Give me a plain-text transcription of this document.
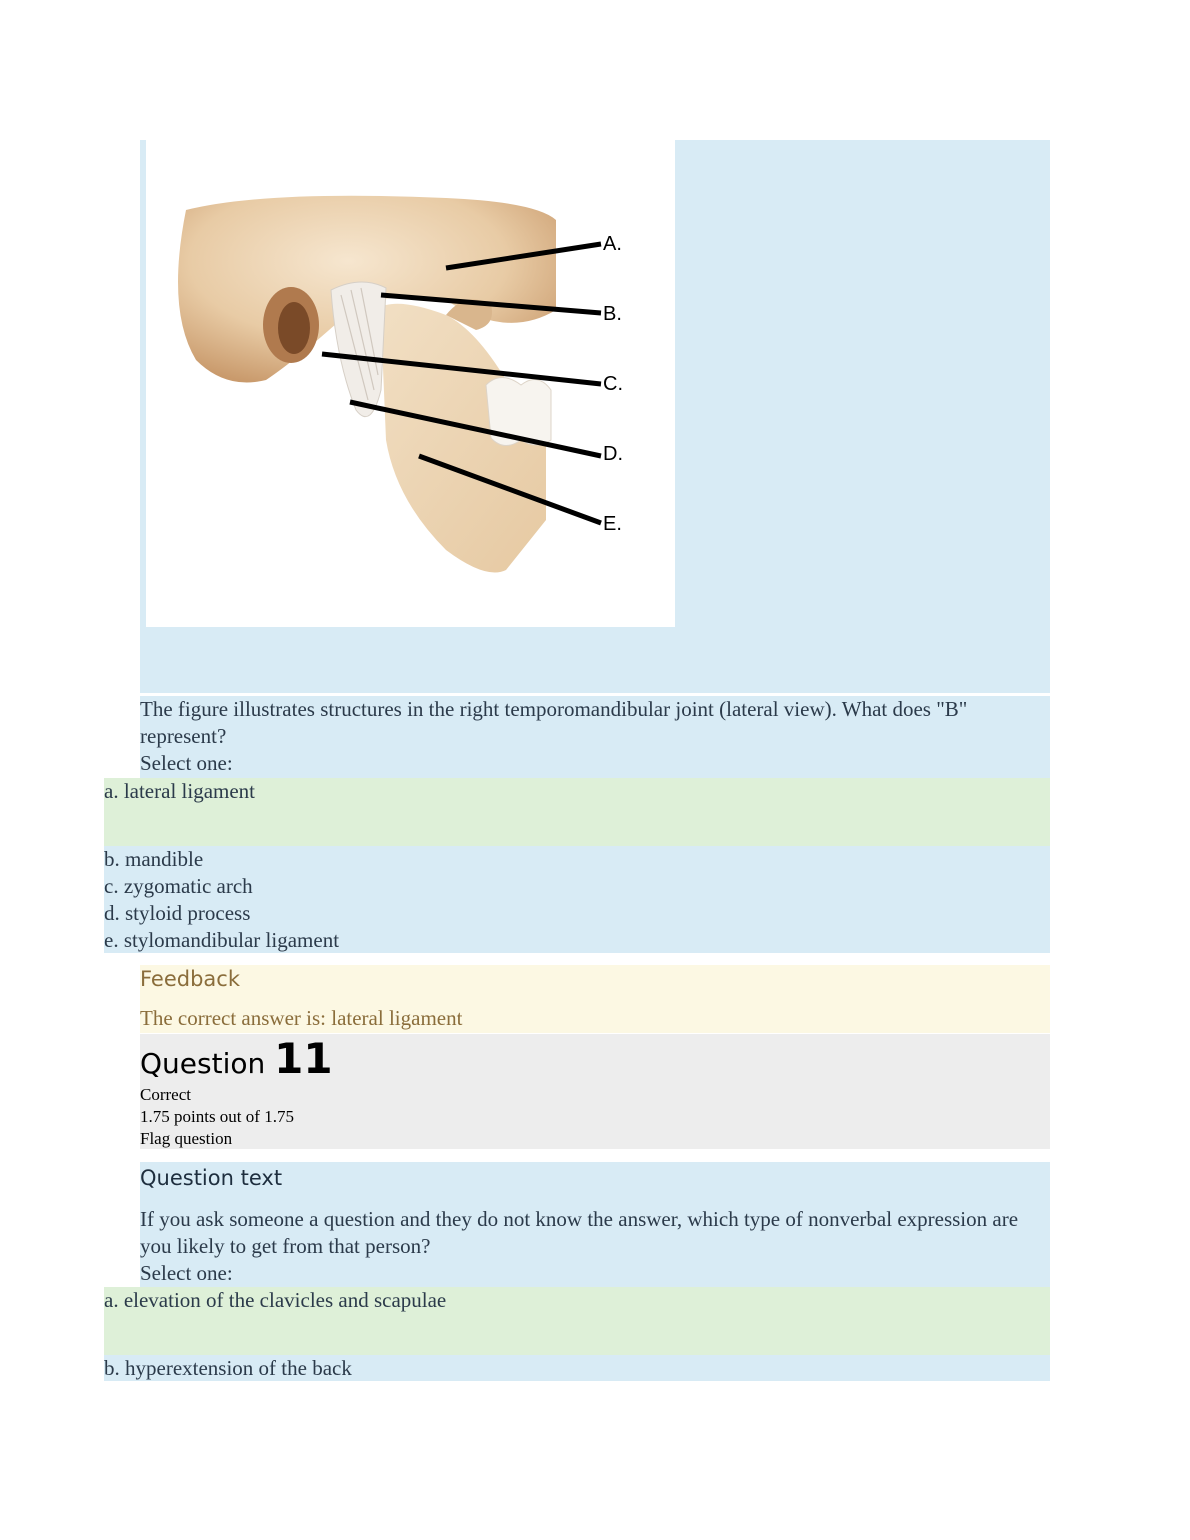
A.
B.
C.
D.
E.
The figure illustrates structures in the right temporomandibular joint (lateral view). What does "B" represent?
Select one:
a. lateral ligament
b. mandible
c. zygomatic arch
d. styloid process
e. stylomandibular ligament
Feedback
The correct answer is: lateral ligament
Question 11
Correct
1.75 points out of 1.75
Flag question
Question text
If you ask someone a question and they do not know the answer, which type of nonverbal expression are you likely to get from that person?
Select one:
a. elevation of the clavicles and scapulae
b. hyperextension of the back
